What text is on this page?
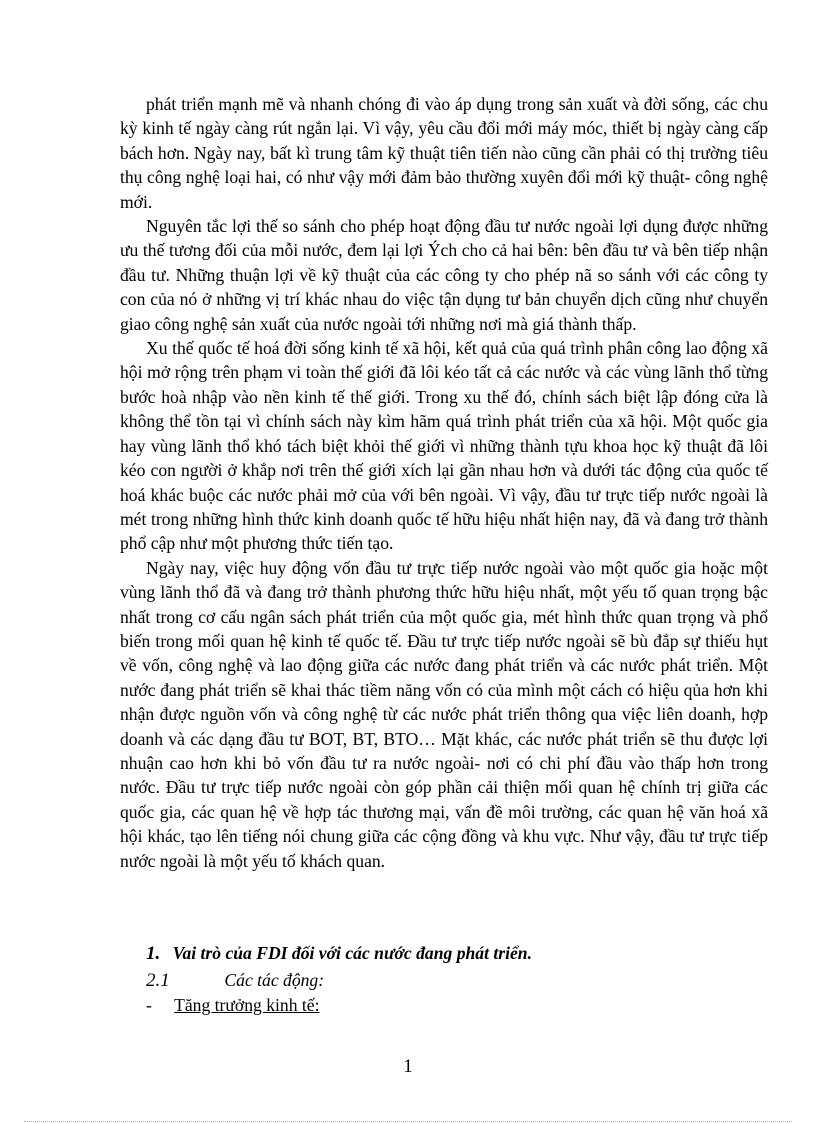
phát triển mạnh mẽ và nhanh chóng đi vào áp dụng trong sản xuất và đời sống, các chu kỳ kinh tế ngày càng rút ngắn lại. Vì vậy, yêu cầu đổi mới máy móc, thiết bị ngày càng cấp bách hơn. Ngày nay, bất kì trung tâm kỹ thuật tiên tiến nào cũng cần phải có thị trường tiêu thụ công nghệ loại hai, có như vậy mới đảm bảo thường xuyên đổi mới kỹ thuật- công nghệ mới.

Nguyên tắc lợi thế so sánh cho phép hoạt động đầu tư nước ngoài lợi dụng được những ưu thế tương đối của mỗi nước, đem lại lợi Ých cho cả hai bên: bên đầu tư và bên tiếp nhận đầu tư. Những thuận lợi về kỹ thuật của các công ty cho phép nã so sánh với các công ty con của nó ở những vị trí khác nhau do việc tận dụng tư bản chuyển dịch cũng như chuyển giao công nghệ sản xuất của nước ngoài tới những nơi mà giá thành thấp.

Xu thế quốc tế hoá đời sống kinh tế xã hội, kết quả của quá trình phân công lao động xã hội mở rộng trên phạm vi toàn thế giới đã lôi kéo tất cả các nước và các vùng lãnh thổ từng bước hoà nhập vào nền kinh tế thế giới. Trong xu thế đó, chính sách biệt lập đóng cửa là không thể tồn tại vì chính sách này kìm hãm quá trình phát triển của xã hội. Một quốc gia hay vùng lãnh thổ khó tách biệt khỏi thế giới vì những thành tựu khoa học kỹ thuật đã lôi kéo con người ở khắp nơi trên thế giới xích lại gần nhau hơn và dưới tác động của quốc tế hoá khác buộc các nước phải mở của với bên ngoài. Vì vậy, đầu tư trực tiếp nước ngoài là mét trong những hình thức kinh doanh quốc tế hữu hiệu nhất hiện nay, đã và đang trở thành phổ cập như một phương thức tiến tạo.

Ngày nay, việc huy động vốn đầu tư trực tiếp nước ngoài vào một quốc gia hoặc một vùng lãnh thổ đã và đang trở thành phương thức hữu hiệu nhất, một yếu tố quan trọng bậc nhất trong cơ cấu ngân sách phát triển của một quốc gia, mét hình thức quan trọng và phổ biến trong mối quan hệ kinh tế quốc tế. Đầu tư trực tiếp nước ngoài sẽ bù đắp sự thiếu hụt về vốn, công nghệ và lao động giữa các nước đang phát triển và các nước phát triển. Một nước đang phát triển sẽ khai thác tiềm năng vốn có của mình một cách có hiệu qủa hơn khi nhận được nguồn vốn và công nghệ từ các nước phát triển thông qua việc liên doanh, hợp doanh và các dạng đầu tư BOT, BT, BTO… Mặt khác, các nước phát triển sẽ thu được lợi nhuận cao hơn khi bỏ vốn đầu tư ra nước ngoài- nơi có chi phí đầu vào thấp hơn trong nước. Đầu tư trực tiếp nước ngoài còn góp phần cải thiện mối quan hệ chính trị giữa các quốc gia, các quan hệ về hợp tác thương mại, vấn đề môi trường, các quan hệ văn hoá xã hội khác, tạo lên tiếng nói chung giữa các cộng đồng và khu vực. Như vậy, đầu tư trực tiếp nước ngoài là một yếu tố khách quan.

1. Vai trò của FDI đối với các nước đang phát triển.
2.1	Các tác động:
- Tăng trưởng kinh tế:
1
